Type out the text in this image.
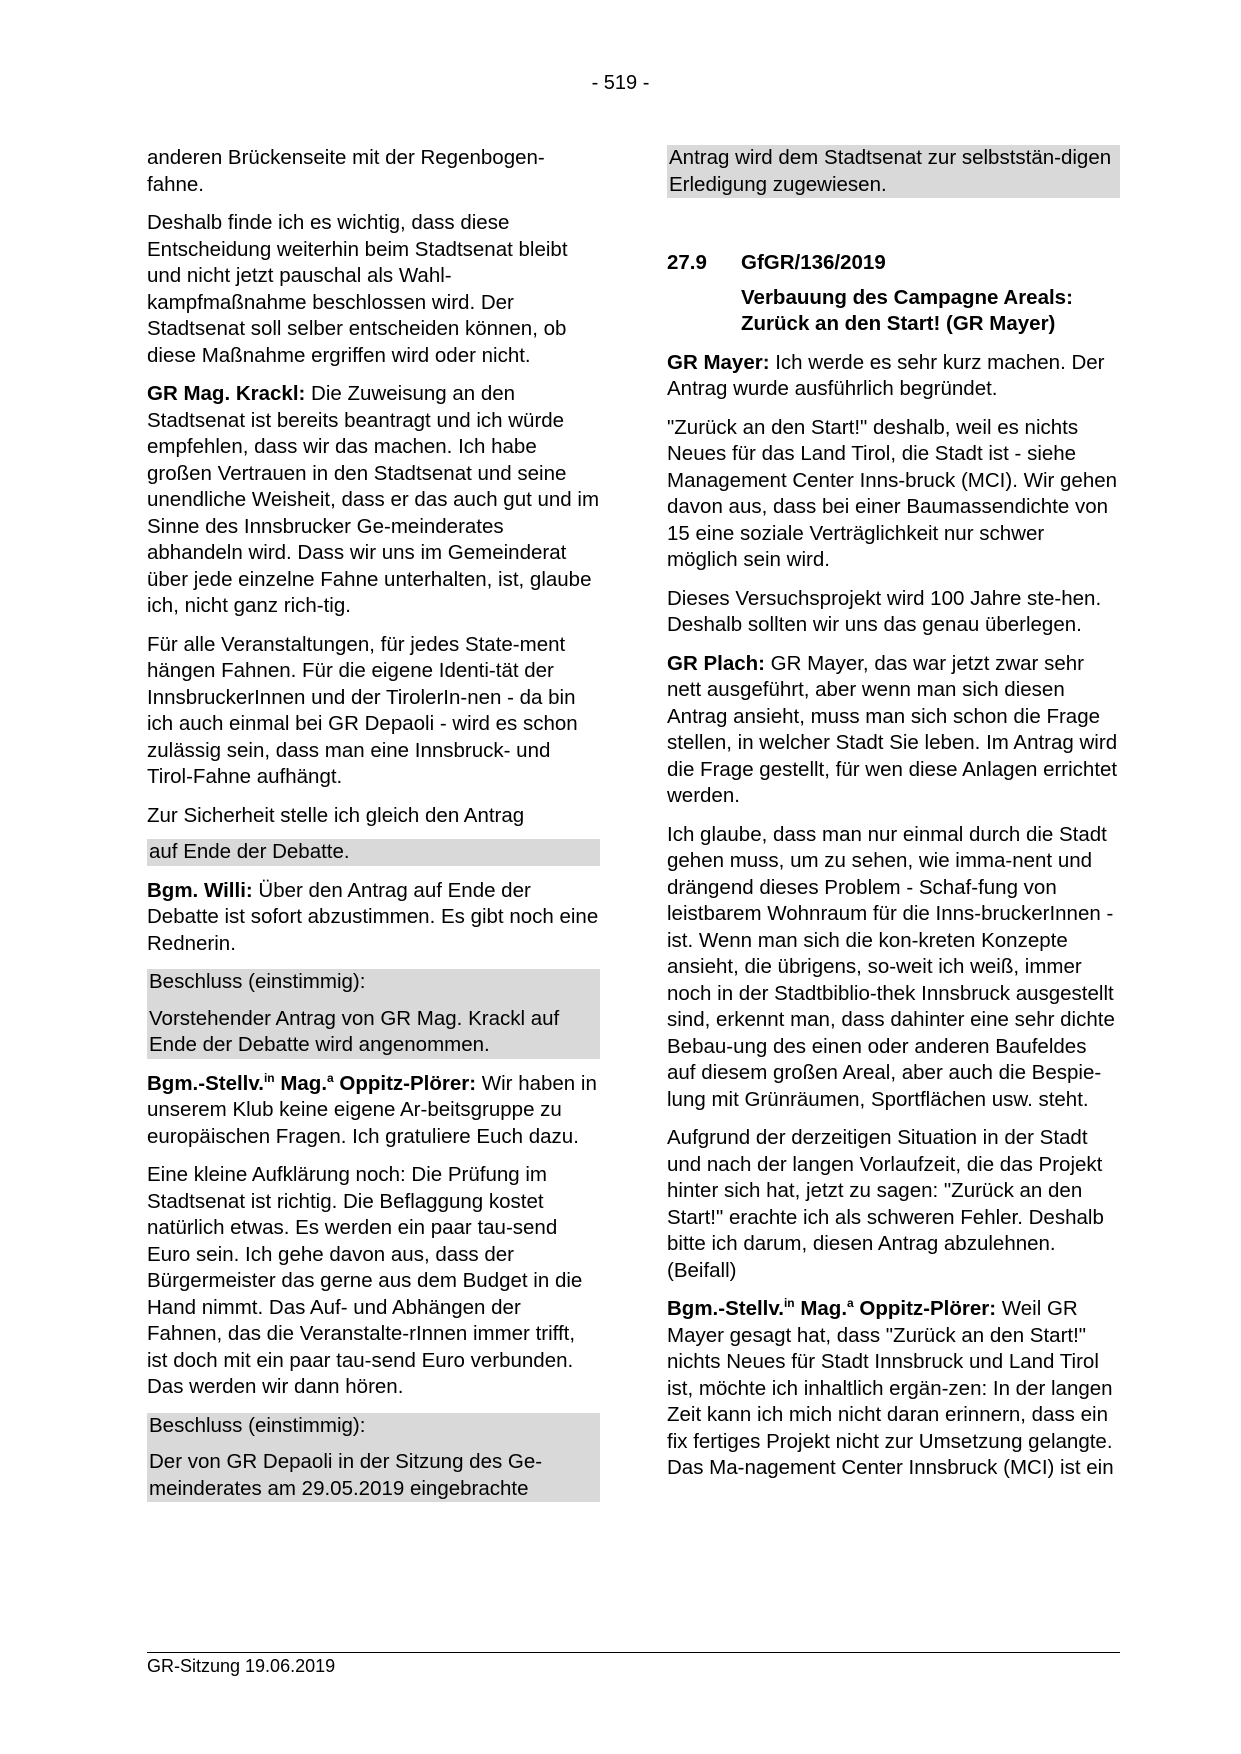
- 519 -

anderen Brückenseite mit der Regenbogen-fahne.

Deshalb finde ich es wichtig, dass diese Entscheidung weiterhin beim Stadtsenat bleibt und nicht jetzt pauschal als Wahl-kampfmaßnahme beschlossen wird. Der Stadtsenat soll selber entscheiden können, ob diese Maßnahme ergriffen wird oder nicht.

GR Mag. Krackl: Die Zuweisung an den Stadtsenat ist bereits beantragt und ich würde empfehlen, dass wir das machen. Ich habe großen Vertrauen in den Stadtsenat und seine unendliche Weisheit, dass er das auch gut und im Sinne des Innsbrucker Ge-meinderates abhandeln wird. Dass wir uns im Gemeinderat über jede einzelne Fahne unterhalten, ist, glaube ich, nicht ganz rich-tig.

Für alle Veranstaltungen, für jedes State-ment hängen Fahnen. Für die eigene Identi-tät der InnsbruckerInnen und der TirolerIn-nen - da bin ich auch einmal bei GR Depaoli - wird es schon zulässig sein, dass man eine Innsbruck- und Tirol-Fahne aufhängt.

Zur Sicherheit stelle ich gleich den Antrag

auf Ende der Debatte.

Bgm. Willi: Über den Antrag auf Ende der Debatte ist sofort abzustimmen. Es gibt noch eine Rednerin.

Beschluss (einstimmig):

Vorstehender Antrag von GR Mag. Krackl auf Ende der Debatte wird angenommen.

Bgm.-Stellv.$^{in}$ Mag.$^a$ Oppitz-Plörer: Wir haben in unserem Klub keine eigene Ar-beitsgruppe zu europäischen Fragen. Ich gratuliere Euch dazu.

Eine kleine Aufklärung noch: Die Prüfung im Stadtsenat ist richtig. Die Beflaggung kostet natürlich etwas. Es werden ein paar tau-send Euro sein. Ich gehe davon aus, dass der Bürgermeister das gerne aus dem Budget in die Hand nimmt. Das Auf- und Abhängen der Fahnen, das die Veranstalte-rInnen immer trifft, ist doch mit ein paar tau-send Euro verbunden. Das werden wir dann hören.

Beschluss (einstimmig):

Der von GR Depaoli in der Sitzung des Ge-meinderates am 29.05.2019 eingebrachte

Antrag wird dem Stadtsenat zur selbststän-digen Erledigung zugewiesen.

27.9	GfGR/136/2019

Verbauung des Campagne Areals: Zurück an den Start! (GR Mayer)

GR Mayer: Ich werde es sehr kurz machen. Der Antrag wurde ausführlich begründet.

"Zurück an den Start!" deshalb, weil es nichts Neues für das Land Tirol, die Stadt ist - siehe Management Center Inns-bruck (MCI). Wir gehen davon aus, dass bei einer Baumassendichte von 15 eine soziale Verträglichkeit nur schwer möglich sein wird.

Dieses Versuchsprojekt wird 100 Jahre ste-hen. Deshalb sollten wir uns das genau überlegen.

GR Plach: GR Mayer, das war jetzt zwar sehr nett ausgeführt, aber wenn man sich diesen Antrag ansieht, muss man sich schon die Frage stellen, in welcher Stadt Sie leben. Im Antrag wird die Frage gestellt, für wen diese Anlagen errichtet werden.

Ich glaube, dass man nur einmal durch die Stadt gehen muss, um zu sehen, wie imma-nent und drängend dieses Problem - Schaf-fung von leistbarem Wohnraum für die Inns-bruckerInnen - ist. Wenn man sich die kon-kreten Konzepte ansieht, die übrigens, so-weit ich weiß, immer noch in der Stadtbiblio-thek Innsbruck ausgestellt sind, erkennt man, dass dahinter eine sehr dichte Bebau-ung des einen oder anderen Baufeldes auf diesem großen Areal, aber auch die Bespie-lung mit Grünräumen, Sportflächen usw. steht.

Aufgrund der derzeitigen Situation in der Stadt und nach der langen Vorlaufzeit, die das Projekt hinter sich hat, jetzt zu sagen: "Zurück an den Start!" erachte ich als schweren Fehler. Deshalb bitte ich darum, diesen Antrag abzulehnen. (Beifall)

Bgm.-Stellv.$^{in}$ Mag.$^a$ Oppitz-Plörer: Weil GR Mayer gesagt hat, dass "Zurück an den Start!" nichts Neues für Stadt Innsbruck und Land Tirol ist, möchte ich inhaltlich ergän-zen: In der langen Zeit kann ich mich nicht daran erinnern, dass ein fix fertiges Projekt nicht zur Umsetzung gelangte. Das Ma-nagement Center Innsbruck (MCI) ist ein

GR-Sitzung 19.06.2019
